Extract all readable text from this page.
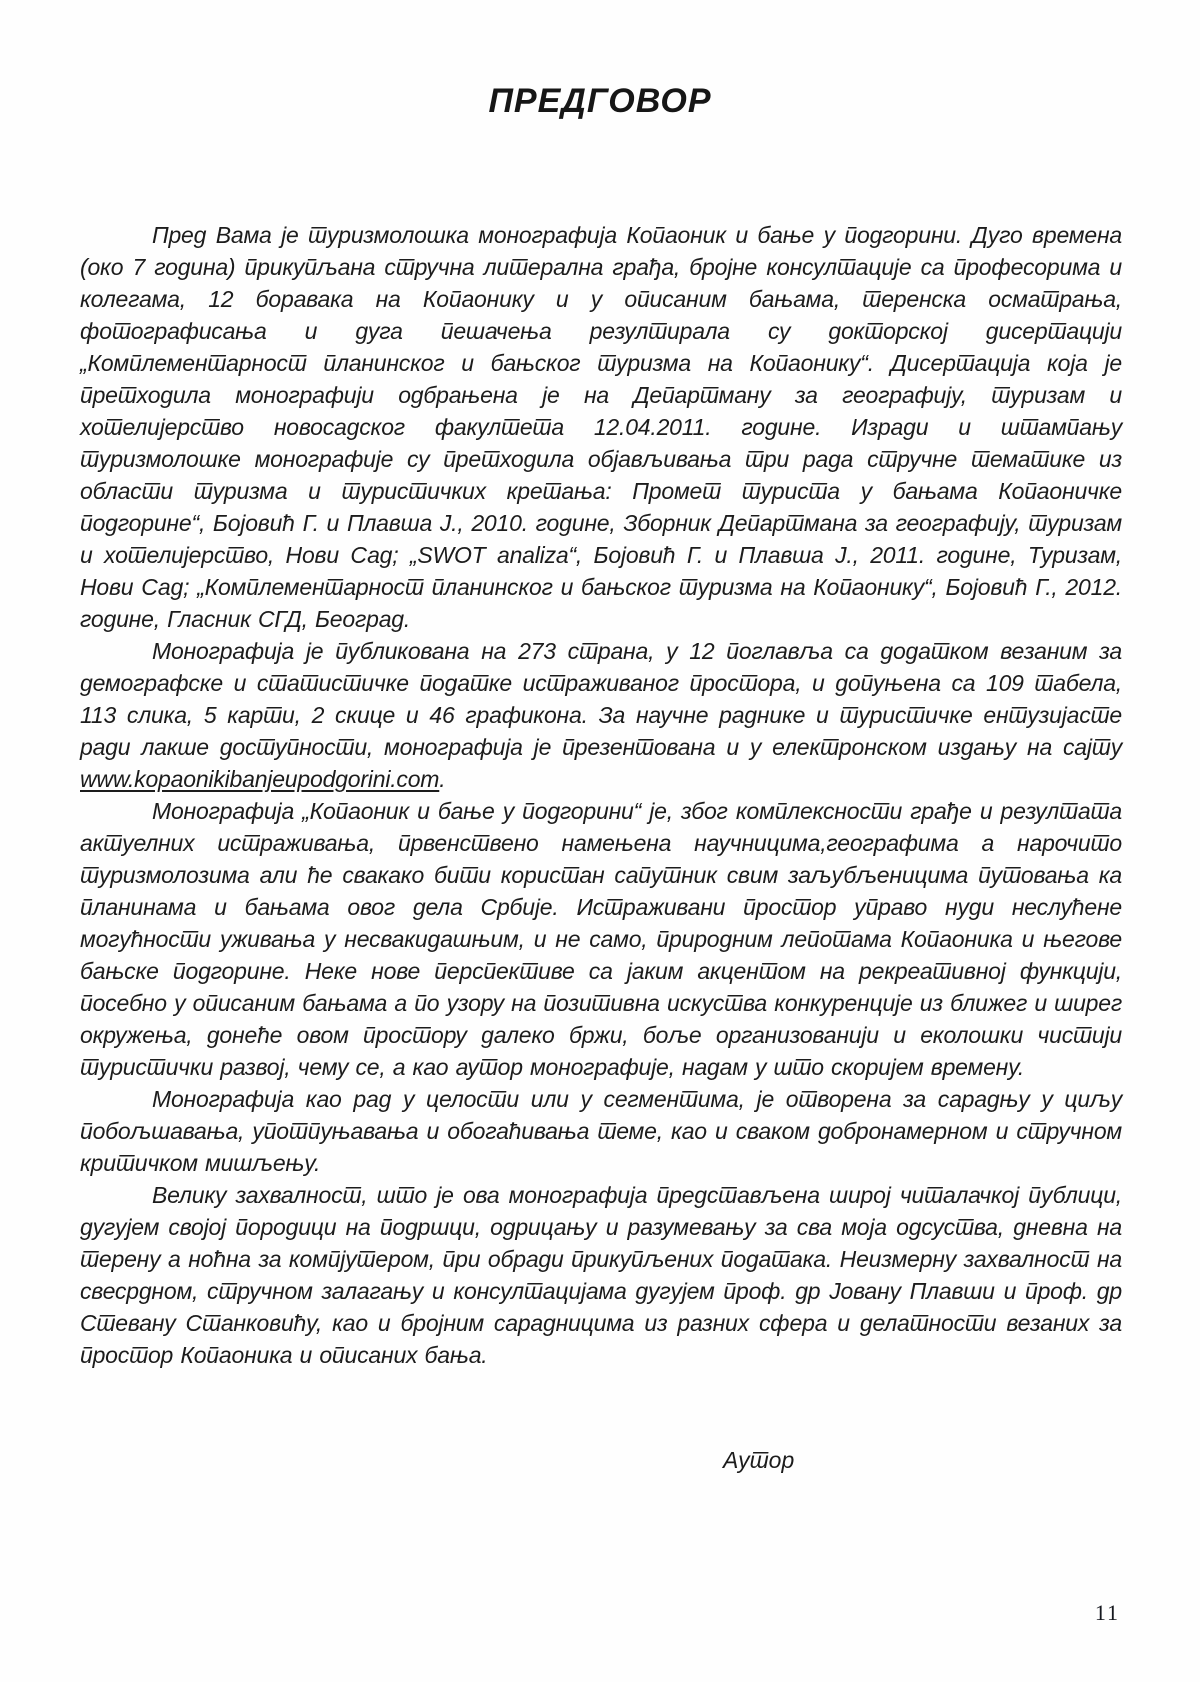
ПРЕДГОВОР

Пред Вама је туризмолошка монографија Копаоник и бање у подгорини. Дуго времена (око 7 година) прикупљана стручна литерална грађа, бројне консултације са професорима и колегама, 12 боравака на Копаонику и у описаним бањама, теренска осматрања, фотографисања и дуга пешачења резултирала су докторској дисертацији „Комплементарност планинског и бањског туризма на Копаонику“. Дисертација која је претходила монографији одбрањена је на Департману за географију, туризам и хотелијерство новосадског факултета 12.04.2011. године. Изради и штампању туризмолошке монографије су претходила објављивања три рада стручне тематике из области туризма и туристичких кретања: Промет туриста у бањама Копаоничке подгорине“, Бојовић Г. и Плавша Ј., 2010. године, Зборник Департмана за географију, туризам и хотелијерство, Нови Сад; „SWOT analiza“, Бојовић Г. и Плавша Ј., 2011. године, Туризам, Нови Сад; „Комплементарност планинског и бањског туризма на Копаонику“, Бојовић Г., 2012. године, Гласник СГД, Београд.

Монографија је публикована на 273 страна, у 12 поглавља са додатком везаним за демографске и статистичке податке истраживаног простора, и допуњена са 109 табела, 113 слика, 5 карти, 2 скице и 46 графикона. За научне раднике и туристичке ентузијасте ради лакше доступности, монографија је презентована и у електронском издању на сајту www.kopaonikibanjeupodgorini.com.

Монографија „Копаоник и бање у подгорини“ је, због комплексности грађе и резултата актуелних истраживања, првенствено намењена научницима,географима а нарочито туризмолозима али ће свакако бити користан сапутник свим заљубљеницима путовања ка планинама и бањама овог дела Србије. Истраживани простор управо нуди неслућене могућности уживања у несвакидашњим, и не само, природним лепотама Копаоника и његове бањске подгорине. Неке нове перспективе са јаким акцентом на рекреативној функцији, посебно у описаним бањама а по узору на позитивна искуства конкуренције из ближег и ширег окружења, донеће овом простору далеко бржи, боље организованији и еколошки чистији туристички развој, чему се, а као аутор монографије, надам у што скоријем времену.

Монографија као рад у целости или у сегментима, је отворена за сарадњу у циљу побољшавања, употпуњавања и обогаћивања теме, као и сваком добронамерном и стручном критичком мишљењу.

Велику захвалност, што је ова монографија представљена широј читалачкој публици, дугујем својој породици на подршци, одрицању и разумевању за сва моја одсуства, дневна на терену а ноћна за компјутером, при обради прикупљених података. Неизмерну захвалност на свесрдном, стручном залагању и консултацијама дугујем проф. др Јовану Плавши и проф. др Стевану Станковићу, као и бројним сарадницима из разних сфера и делатности везаних за простор Копаоника и описаних бања.

Аутор
11
